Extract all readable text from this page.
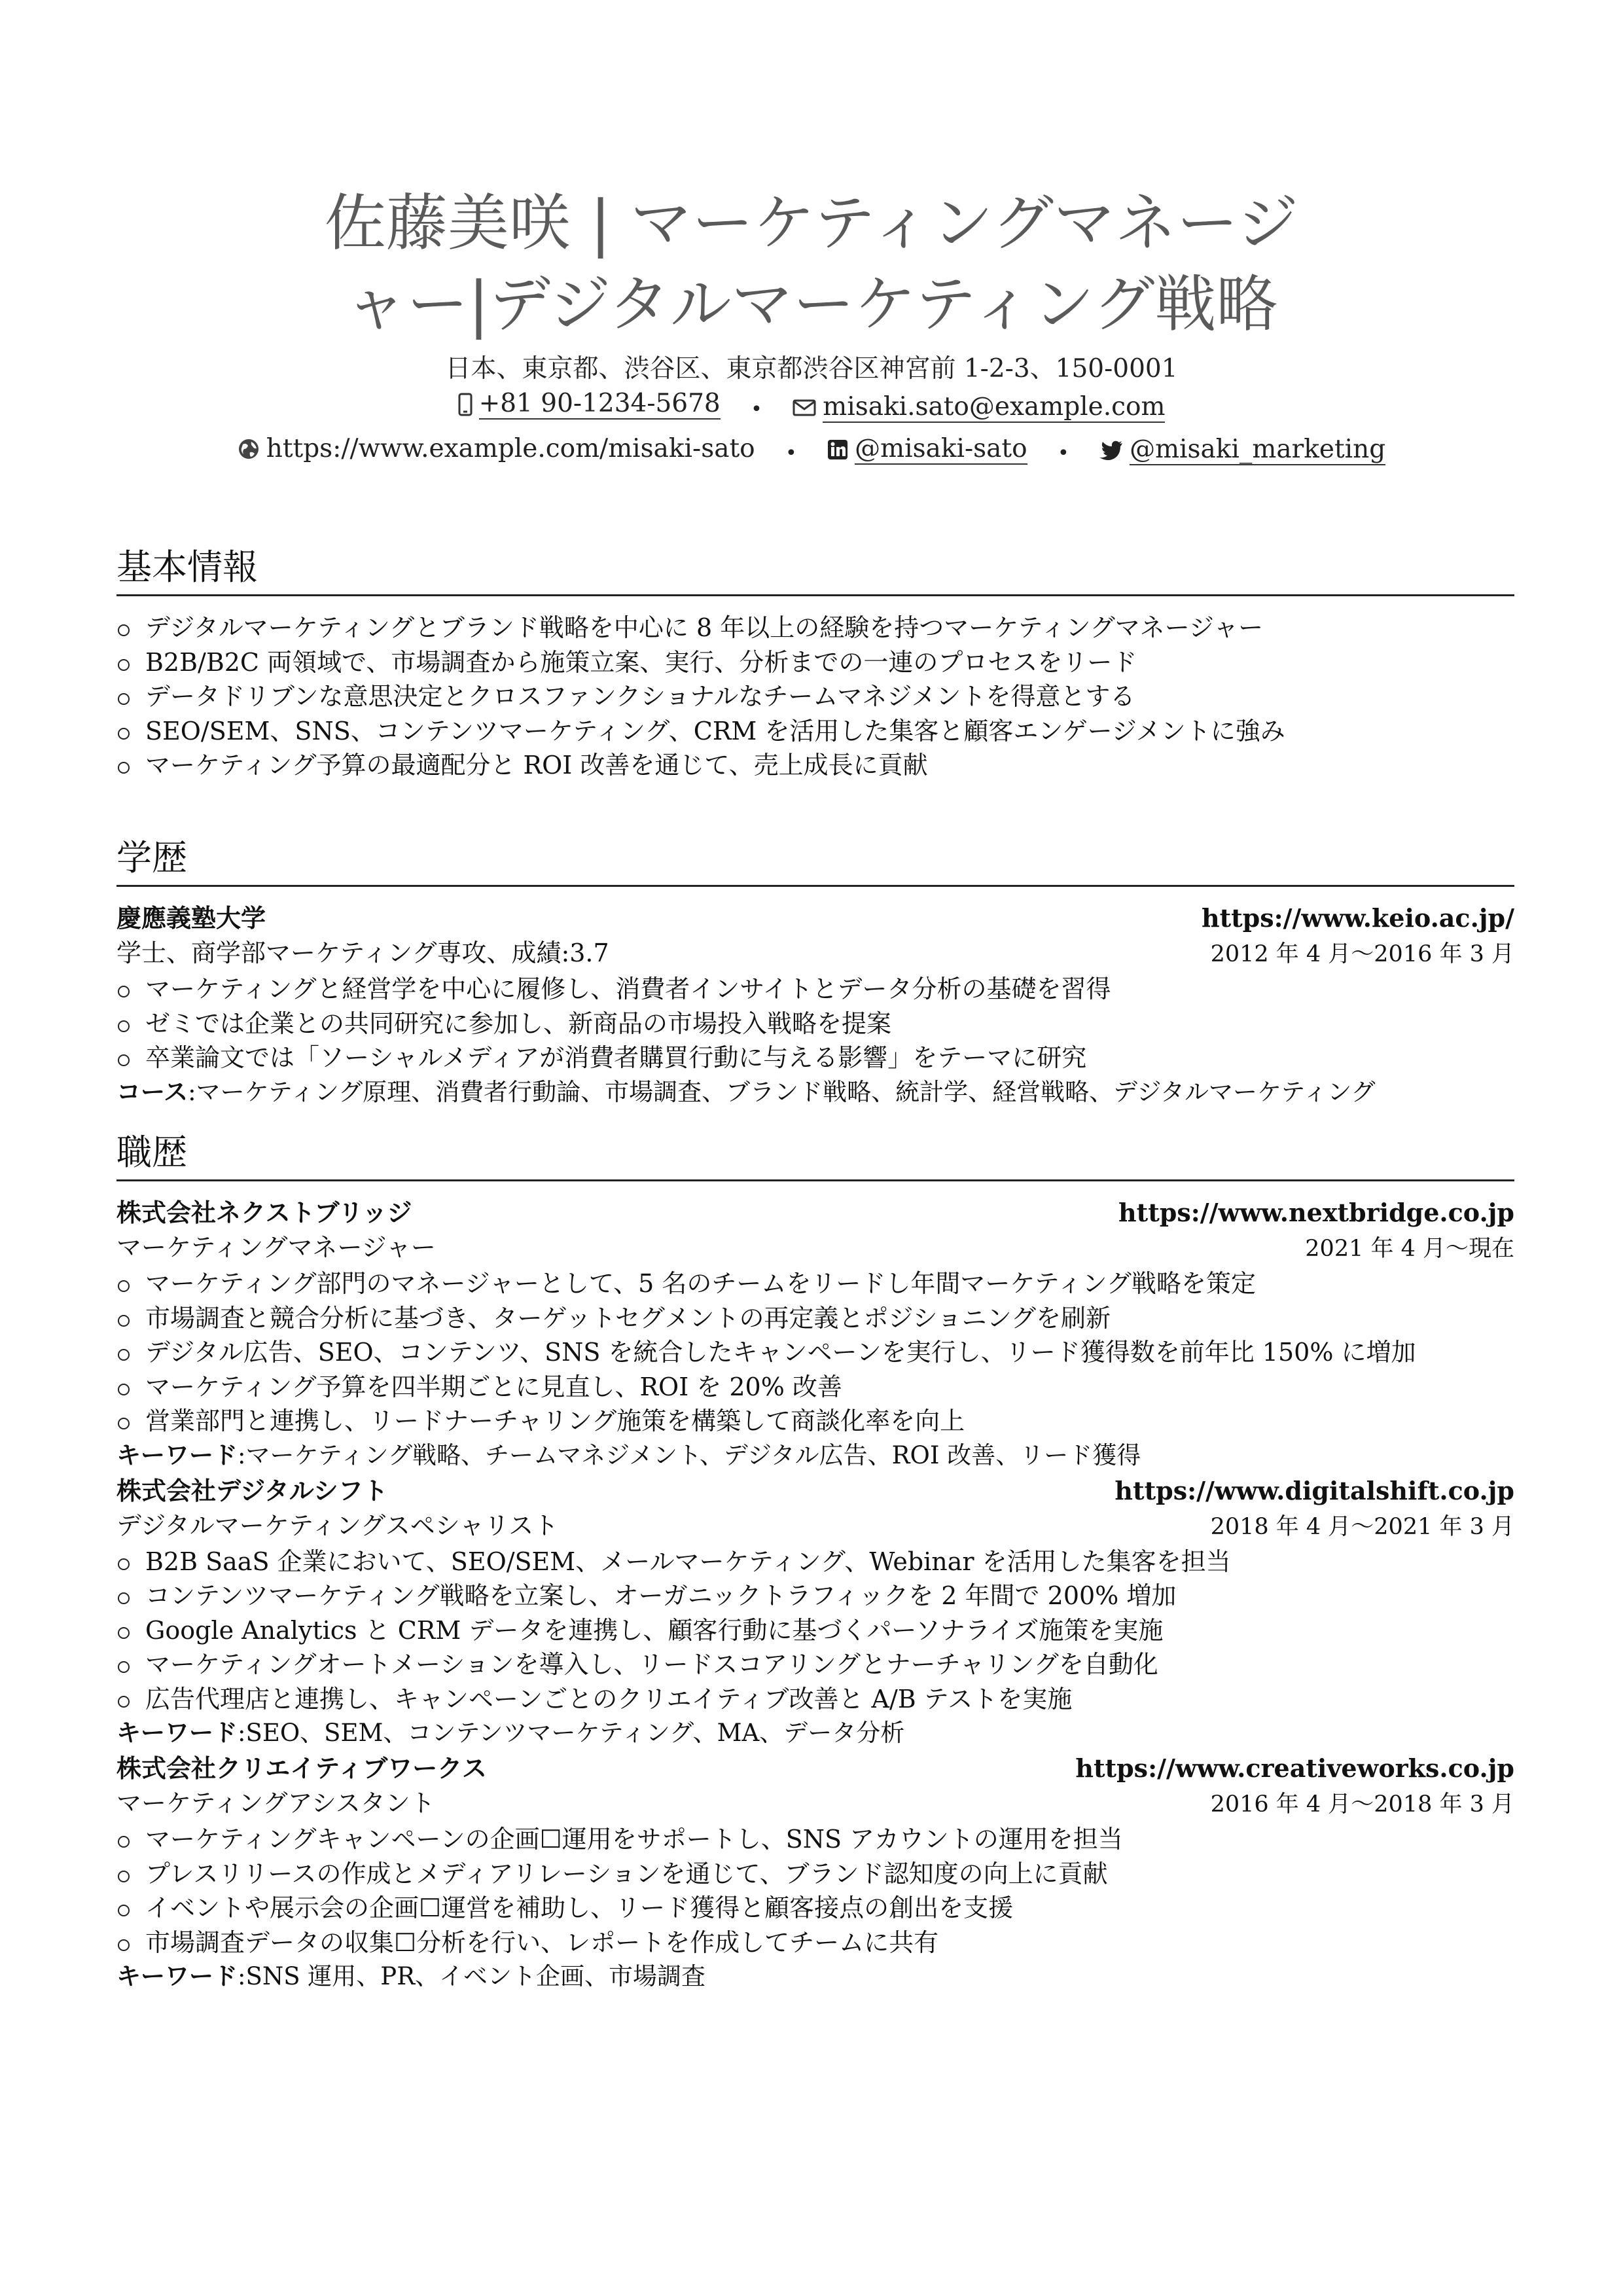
佐藤美咲 | マーケティングマネージ
ャー|デジタルマーケティング戦略
日本、東京都、渋谷区、東京都渋谷区神宮前 1-2-3、150-0001
+81 90-1234-5678 • misaki.sato@example.com
https://www.example.com/misaki-sato • @misaki-sato • @misaki_marketing
基本情報
デジタルマーケティングとブランド戦略を中心に 8 年以上の経験を持つマーケティングマネージャー
B2B/B2C 両領域で、市場調査から施策立案、実行、分析までの一連のプロセスをリード
データドリブンな意思決定とクロスファンクショナルなチームマネジメントを得意とする
SEO/SEM、SNS、コンテンツマーケティング、CRM を活用した集客と顧客エンゲージメントに強み
マーケティング予算の最適配分と ROI 改善を通じて、売上成長に貢献
学歴
慶應義塾大学	https://www.keio.ac.jp/
学士、商学部マーケティング専攻、成績:3.7	2012 年 4 月〜2016 年 3 月
マーケティングと経営学を中心に履修し、消費者インサイトとデータ分析の基礎を習得
ゼミでは企業との共同研究に参加し、新商品の市場投入戦略を提案
卒業論文では「ソーシャルメディアが消費者購買行動に与える影響」をテーマに研究
コース:マーケティング原理、消費者行動論、市場調査、ブランド戦略、統計学、経営戦略、デジタルマーケティング
職歴
株式会社ネクストブリッジ	https://www.nextbridge.co.jp
マーケティングマネージャー	2021 年 4 月〜現在
マーケティング部門のマネージャーとして、5 名のチームをリードし年間マーケティング戦略を策定
市場調査と競合分析に基づき、ターゲットセグメントの再定義とポジショニングを刷新
デジタル広告、SEO、コンテンツ、SNS を統合したキャンペーンを実行し、リード獲得数を前年比 150% に増加
マーケティング予算を四半期ごとに見直し、ROI を 20% 改善
営業部門と連携し、リードナーチャリング施策を構築して商談化率を向上
キーワード:マーケティング戦略、チームマネジメント、デジタル広告、ROI 改善、リード獲得
株式会社デジタルシフト	https://www.digitalshift.co.jp
デジタルマーケティングスペシャリスト	2018 年 4 月〜2021 年 3 月
B2B SaaS 企業において、SEO/SEM、メールマーケティング、Webinar を活用した集客を担当
コンテンツマーケティング戦略を立案し、オーガニックトラフィックを 2 年間で 200% 増加
Google Analytics と CRM データを連携し、顧客行動に基づくパーソナライズ施策を実施
マーケティングオートメーションを導入し、リードスコアリングとナーチャリングを自動化
広告代理店と連携し、キャンペーンごとのクリエイティブ改善と A/B テストを実施
キーワード:SEO、SEM、コンテンツマーケティング、MA、データ分析
株式会社クリエイティブワークス	https://www.creativeworks.co.jp
マーケティングアシスタント	2016 年 4 月〜2018 年 3 月
マーケティングキャンペーンの企画☐運用をサポートし、SNS アカウントの運用を担当
プレスリリースの作成とメディアリレーションを通じて、ブランド認知度の向上に貢献
イベントや展示会の企画☐運営を補助し、リード獲得と顧客接点の創出を支援
市場調査データの収集☐分析を行い、レポートを作成してチームに共有
キーワード:SNS 運用、PR、イベント企画、市場調査
